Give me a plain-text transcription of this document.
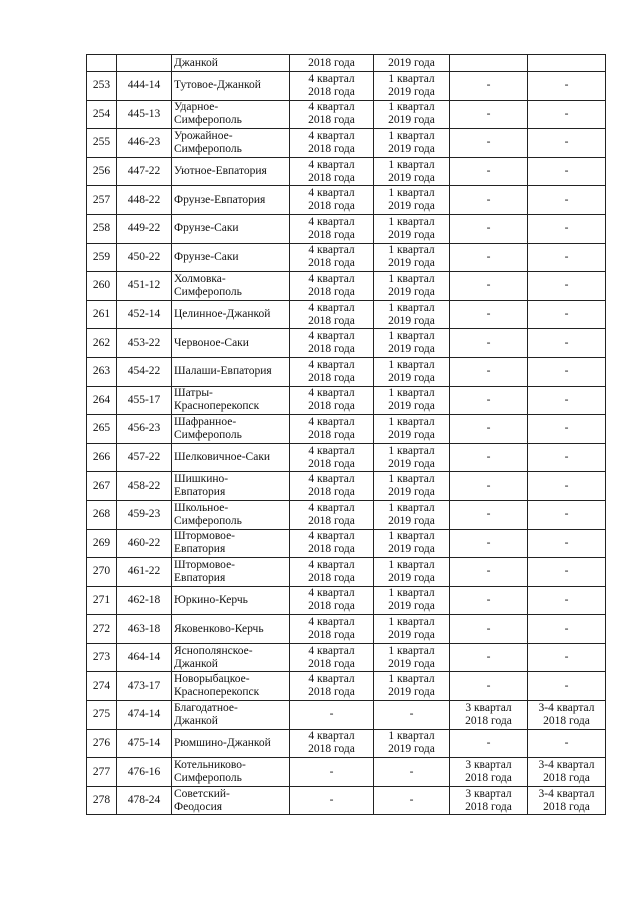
		Джанкой	2018 года	2019 года		
253	444-14	Тутовое-Джанкой	4 квартал
2018 года	1 квартал
2019 года	-	-

254	445-13	Ударное-
Симферополь	4 квартал
2018 года	1 квартал
2019 года	-	-

255	446-23	Урожайное-
Симферополь	4 квартал
2018 года	1 квартал
2019 года	-	-

256	447-22	Уютное-Евпатория	4 квартал
2018 года	1 квартал
2019 года	-	-

257	448-22	Фрунзе-Евпатория	4 квартал
2018 года	1 квартал
2019 года	-	-

258	449-22	Фрунзе-Саки	4 квартал
2018 года	1 квартал
2019 года	-	-

259	450-22	Фрунзе-Саки	4 квартал
2018 года	1 квартал
2019 года	-	-

260	451-12	Холмовка-
Симферополь	4 квартал
2018 года	1 квартал
2019 года	-	-

261	452-14	Целинное-Джанкой	4 квартал
2018 года	1 квартал
2019 года	-	-

262	453-22	Червоное-Саки	4 квартал
2018 года	1 квартал
2019 года	-	-

263	454-22	Шалаши-Евпатория	4 квартал
2018 года	1 квартал
2019 года	-	-

264	455-17	Шатры-
Красноперекопск	4 квартал
2018 года	1 квартал
2019 года	-	-

265	456-23	Шафранное-
Симферополь	4 квартал
2018 года	1 квартал
2019 года	-	-

266	457-22	Шелковичное-Саки	4 квартал
2018 года	1 квартал
2019 года	-	-

267	458-22	Шишкино-
Евпатория	4 квартал
2018 года	1 квартал
2019 года	-	-

268	459-23	Школьное-
Симферополь	4 квартал
2018 года	1 квартал
2019 года	-	-

269	460-22	Штормовое-
Евпатория	4 квартал
2018 года	1 квартал
2019 года	-	-

270	461-22	Штормовое-
Евпатория	4 квартал
2018 года	1 квартал
2019 года	-	-

271	462-18	Юркино-Керчь	4 квартал
2018 года	1 квартал
2019 года	-	-

272	463-18	Яковенково-Керчь	4 квартал
2018 года	1 квартал
2019 года	-	-

273	464-14	Яснополянское-
Джанкой	4 квартал
2018 года	1 квартал
2019 года	-	-

274	473-17	Новорыбацкое-
Красноперекопск	4 квартал
2018 года	1 квартал
2019 года	-	-

275	474-14	Благодатное-
Джанкой	-	-	3 квартал
2018 года	3-4 квартал
2018 года

276	475-14	Рюмшино-Джанкой	4 квартал
2018 года	1 квартал
2019 года	-	-

277	476-16	Котельниково-
Симферополь	-	-	3 квартал
2018 года	3-4 квартал
2018 года

278	478-24	Советский-
Феодосия	-	-	3 квартал
2018 года	3-4 квартал
2018 года
